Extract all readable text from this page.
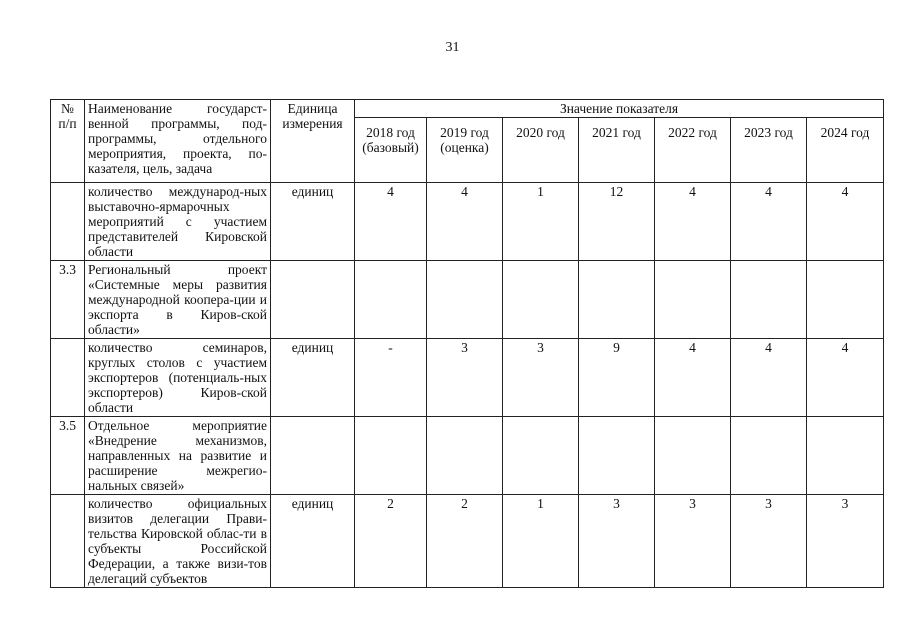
31
№ п/п	Наименование государст-венной программы, под-программы, отдельного мероприятия, проекта, по-казателя, цель, задача	Единица измерения	Значение показателя						
			2018 год (базовый)	2019 год (оценка)	2020 год	2021 год	2022 год	2023 год	2024 год
	количество международ-ных выставочно-ярмарочных мероприятий с участием представителей Кировской области	единиц	4	4	1	12	4	4	4
3.3	Региональный проект «Системные меры развития международной коопера-ции и экспорта в Киров-ской области»								
	количество семинаров, круглых столов с участием экспортеров (потенциаль-ных экспортеров) Киров-ской области	единиц	-	3	3	9	4	4	4
3.5	Отдельное мероприятие «Внедрение механизмов, направленных на развитие и расширение межрегио-нальных связей»								
	количество официальных визитов делегации Прави-тельства Кировской облас-ти в субъекты Российской Федерации, а также визи-тов делегаций субъектов	единиц	2	2	1	3	3	3	3
